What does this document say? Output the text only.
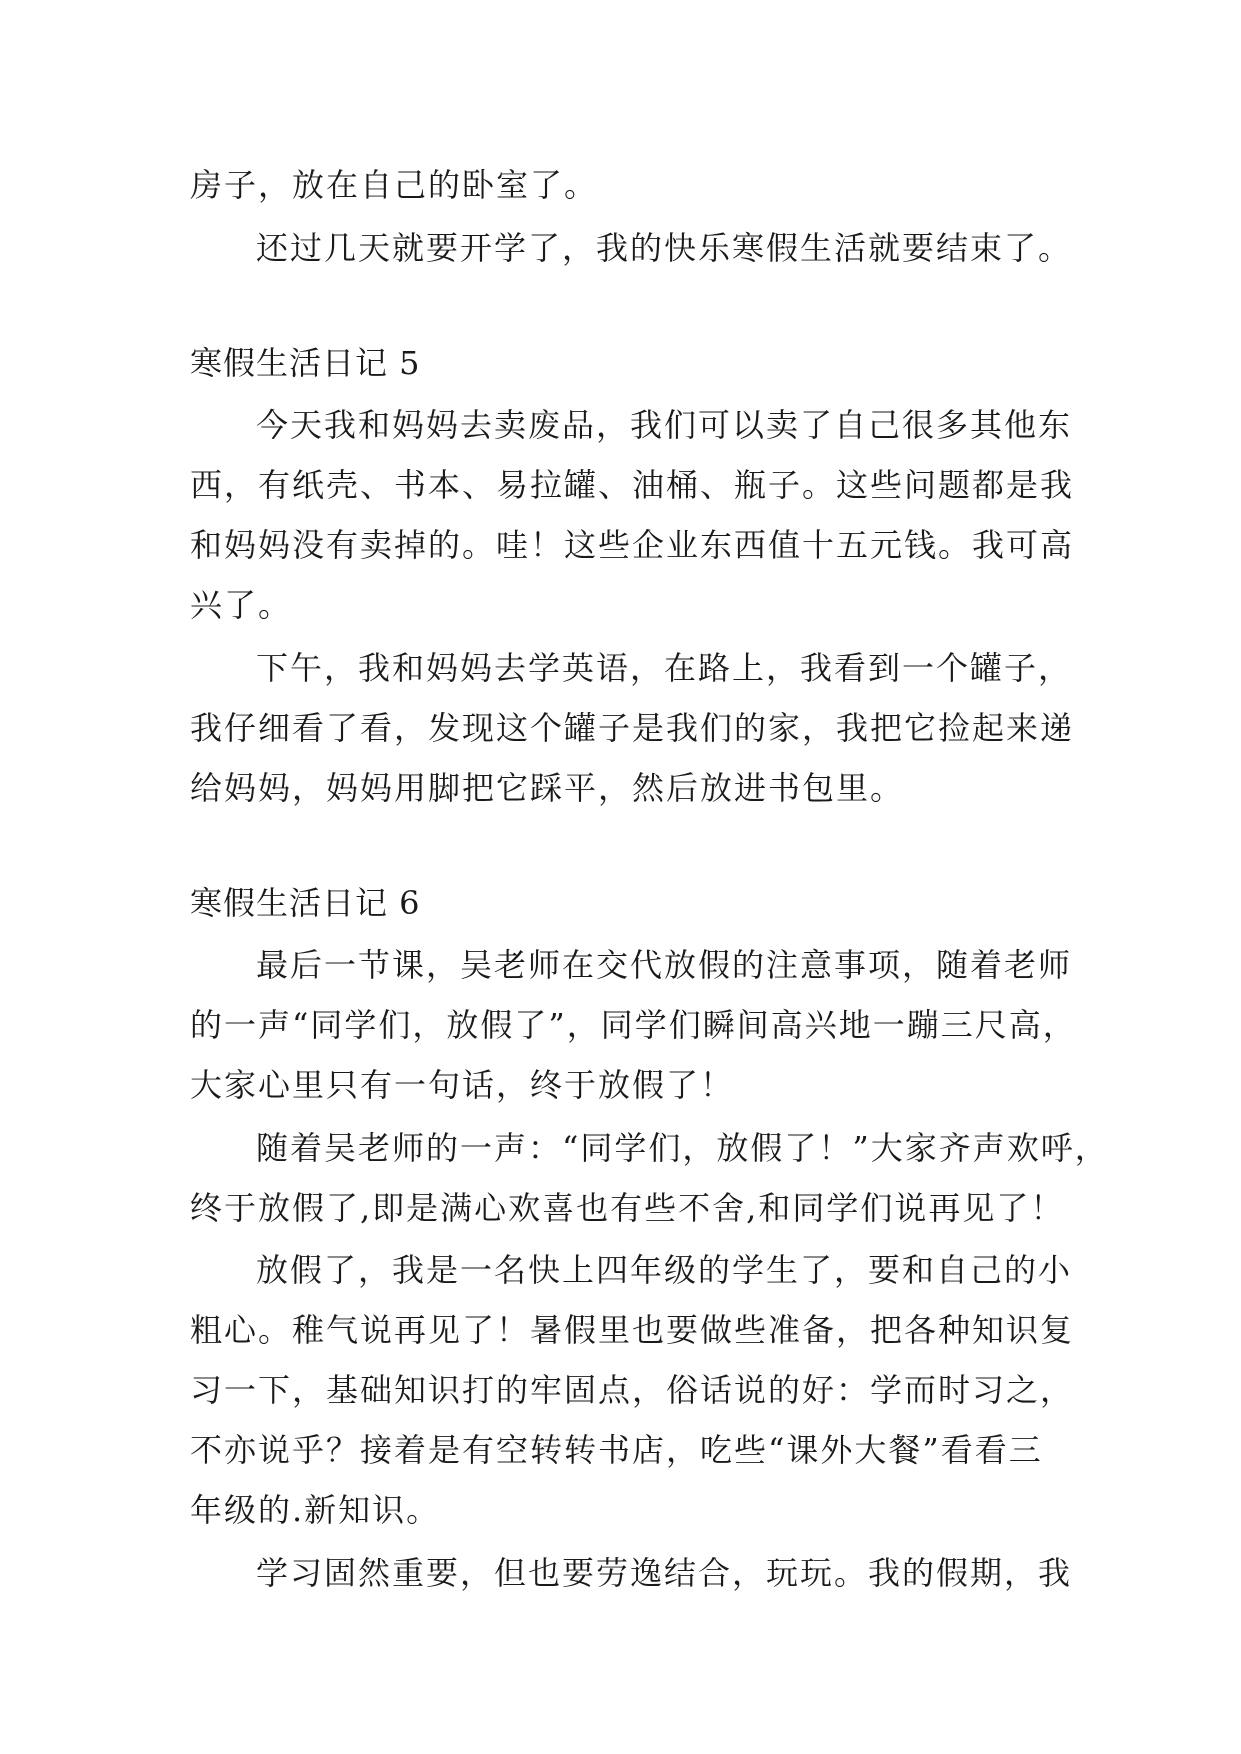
房子，放在自己的卧室了。
还过几天就要开学了，我的快乐寒假生活就要结束了。
寒假生活日记 5
今天我和妈妈去卖废品，我们可以卖了自己很多其他东
西，有纸壳、书本、易拉罐、油桶、瓶子。这些问题都是我
和妈妈没有卖掉的。哇！这些企业东西值十五元钱。我可高
兴了。
下午，我和妈妈去学英语，在路上，我看到一个罐子，
我仔细看了看，发现这个罐子是我们的家，我把它捡起来递
给妈妈，妈妈用脚把它踩平，然后放进书包里。
寒假生活日记 6
最后一节课，吴老师在交代放假的注意事项，随着老师
的一声“同学们，放假了”，同学们瞬间高兴地一蹦三尺高，
大家心里只有一句话，终于放假了！
随着吴老师的一声：“同学们，放假了！”大家齐声欢呼，
终于放假了,即是满心欢喜也有些不舍,和同学们说再见了！
放假了，我是一名快上四年级的学生了，要和自己的小
粗心。稚气说再见了！暑假里也要做些准备，把各种知识复
习一下，基础知识打的牢固点，俗话说的好：学而时习之，
不亦说乎？接着是有空转转书店，吃些“课外大餐”看看三
年级的.新知识。
学习固然重要，但也要劳逸结合，玩玩。我的假期，我
